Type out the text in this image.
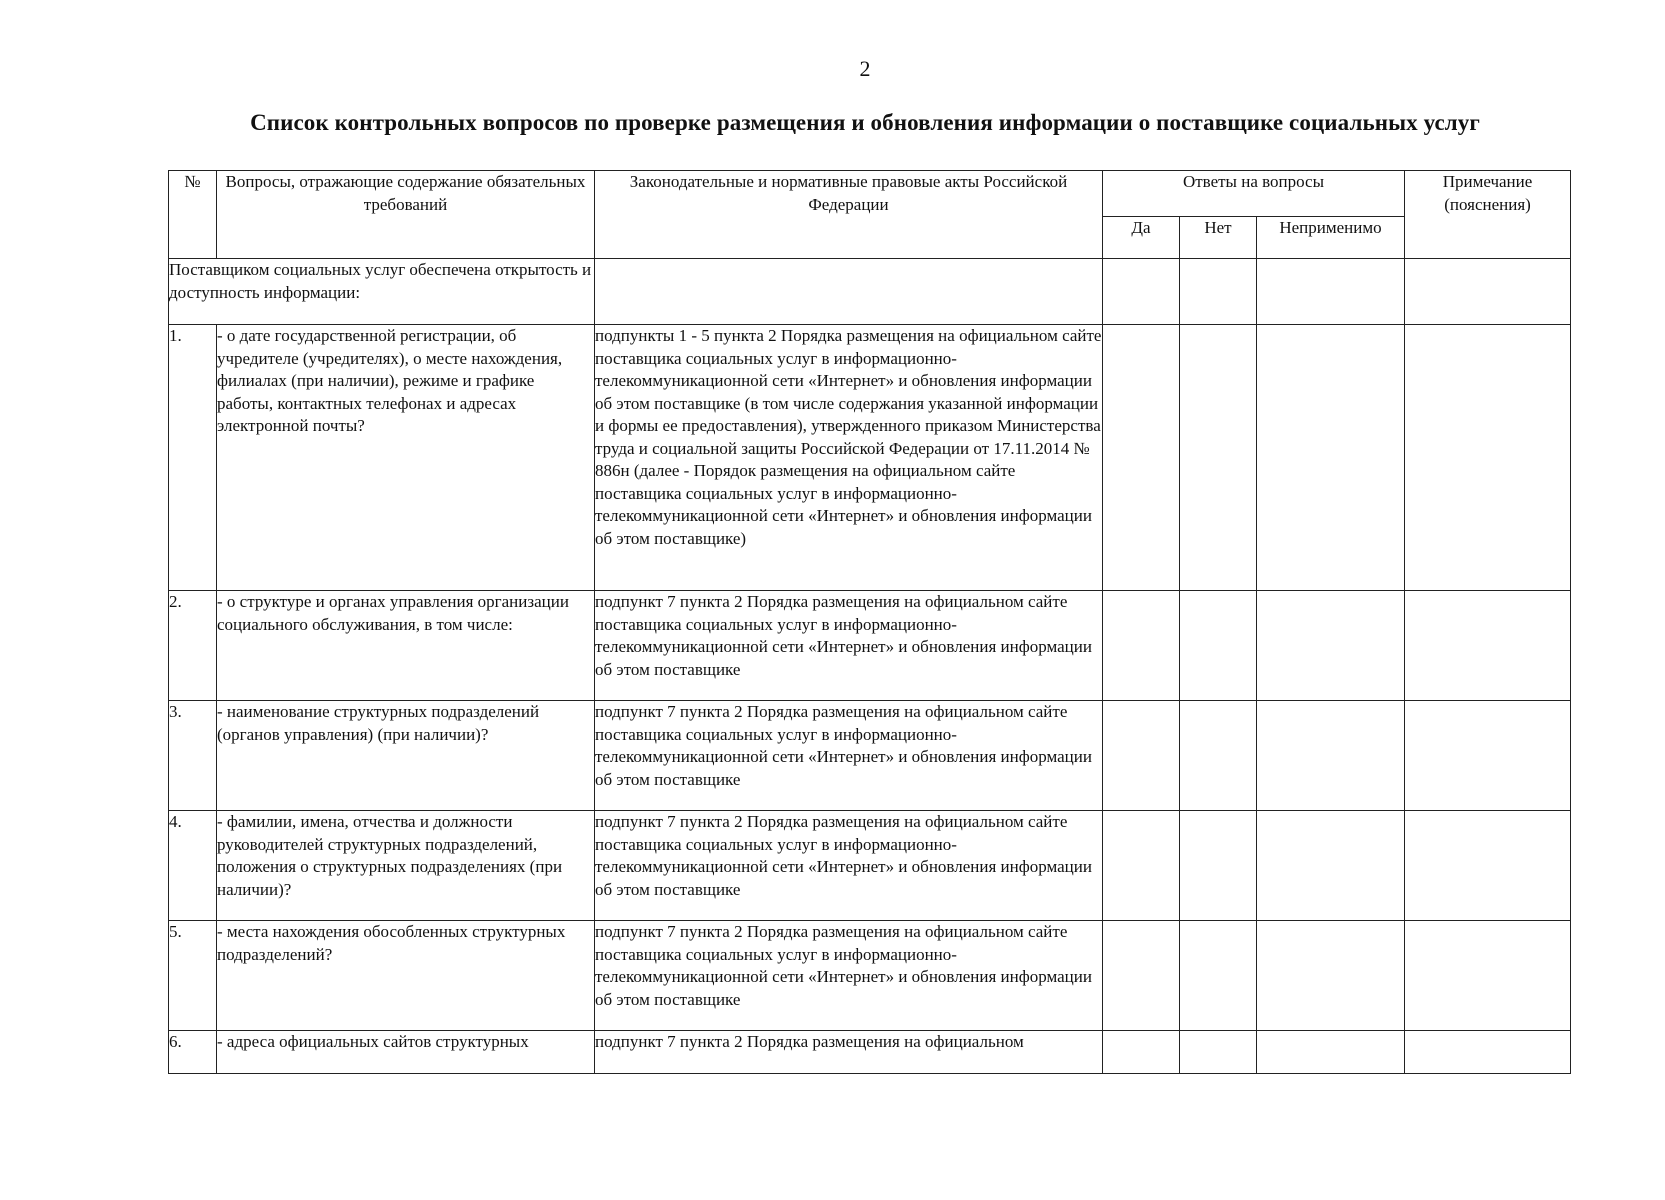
2
Список контрольных вопросов по проверке размещения и обновления информации о поставщике социальных услуг
№	Вопросы, отражающие содержание обязательных требований	Законодательные и нормативные правовые акты Российской Федерации	Ответы на вопросы			Примечание (пояснения)
			Да	Нет	Неприменимо	
Поставщиком социальных услуг обеспечена открытость и доступность информации:						
1.	- о дате государственной регистрации, об учредителе (учредителях), о месте нахождения, филиалах (при наличии), режиме и графике работы, контактных телефонах и адресах электронной почты?	подпункты 1 - 5 пункта 2 Порядка размещения на официальном сайте поставщика социальных услуг в информационно-телекоммуникационной сети «Интернет» и обновления информации об этом поставщике (в том числе содержания указанной информации и формы ее предоставления), утвержденного приказом Министерства труда и социальной защиты Российской Федерации от 17.11.2014 № 886н (далее - Порядок размещения на официальном сайте поставщика социальных услуг в информационно-телекоммуникационной сети «Интернет» и обновления информации об этом поставщике)				
2.	- о структуре и органах управления организации социального обслуживания, в том числе:	подпункт 7 пункта 2 Порядка размещения на официальном сайте поставщика социальных услуг в информационно-телекоммуникационной сети «Интернет» и обновления информации об этом поставщике				
3.	- наименование структурных подразделений (органов управления) (при наличии)?	подпункт 7 пункта 2 Порядка размещения на официальном сайте поставщика социальных услуг в информационно-телекоммуникационной сети «Интернет» и обновления информации об этом поставщике				
4.	- фамилии, имена, отчества и должности руководителей структурных подразделений, положения о структурных подразделениях (при наличии)?	подпункт 7 пункта 2 Порядка размещения на официальном сайте поставщика социальных услуг в информационно-телекоммуникационной сети «Интернет» и обновления информации об этом поставщике				
5.	- места нахождения обособленных структурных подразделений?	подпункт 7 пункта 2 Порядка размещения на официальном сайте поставщика социальных услуг в информационно-телекоммуникационной сети «Интернет» и обновления информации об этом поставщике				
6.	- адреса официальных сайтов структурных	подпункт 7 пункта 2 Порядка размещения на официальном				
